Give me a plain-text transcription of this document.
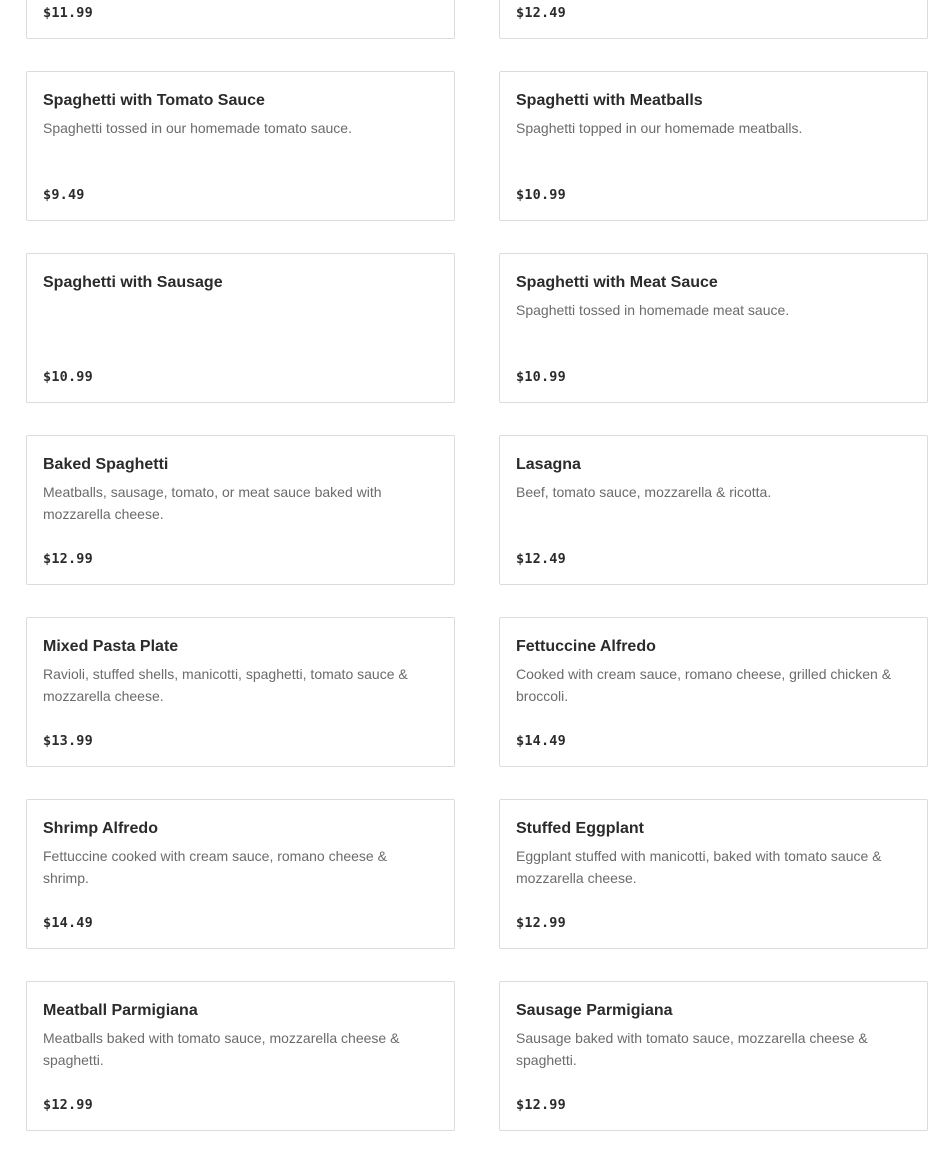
$11.99	$12.49
Spaghetti with Tomato Sauce
Spaghetti tossed in our homemade tomato sauce.
$9.49
Spaghetti with Meatballs
Spaghetti topped in our homemade meatballs.
$10.99
Spaghetti with Sausage
$10.99
Spaghetti with Meat Sauce
Spaghetti tossed in homemade meat sauce.
$10.99
Baked Spaghetti
Meatballs, sausage, tomato, or meat sauce baked with mozzarella cheese.
$12.99
Lasagna
Beef, tomato sauce, mozzarella & ricotta.
$12.49
Mixed Pasta Plate
Ravioli, stuffed shells, manicotti, spaghetti, tomato sauce & mozzarella cheese.
$13.99
Fettuccine Alfredo
Cooked with cream sauce, romano cheese, grilled chicken & broccoli.
$14.49
Shrimp Alfredo
Fettuccine cooked with cream sauce, romano cheese & shrimp.
$14.49
Stuffed Eggplant
Eggplant stuffed with manicotti, baked with tomato sauce & mozzarella cheese.
$12.99
Meatball Parmigiana
Meatballs baked with tomato sauce, mozzarella cheese & spaghetti.
$12.99
Sausage Parmigiana
Sausage baked with tomato sauce, mozzarella cheese & spaghetti.
$12.99
